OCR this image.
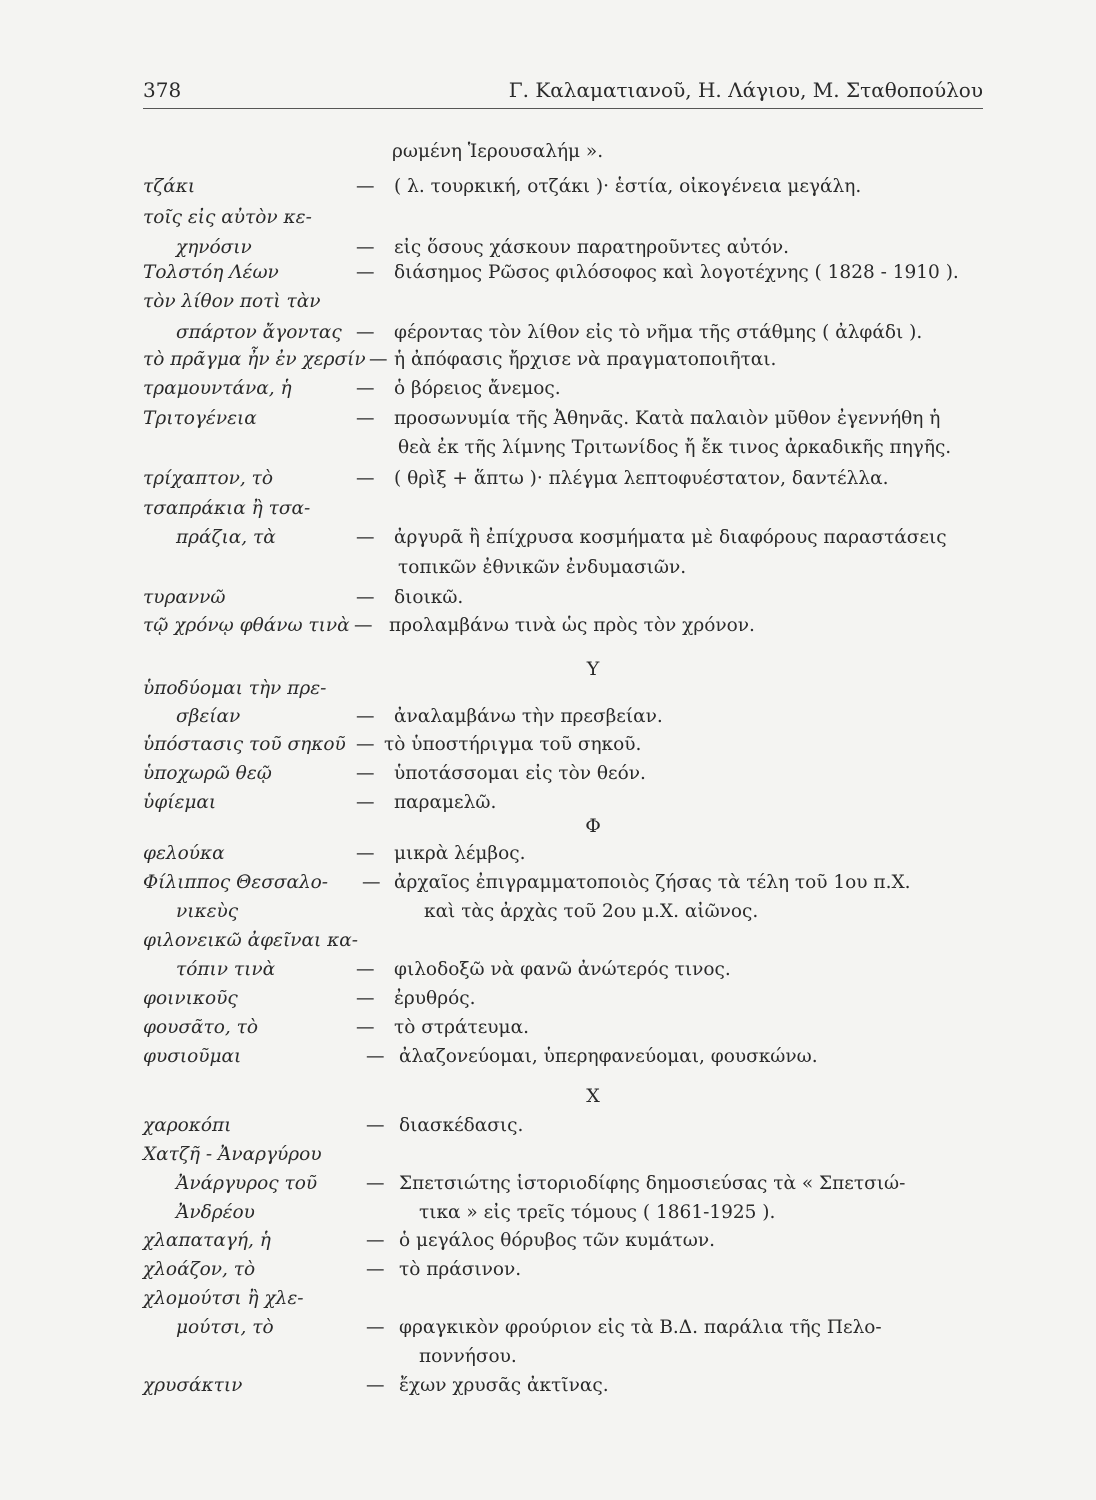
378	Γ. Καλαματιανοῦ, Η. Λάγιου, Μ. Σταθοπούλου
ρωμένη Ἱερουσαλήμ ».
τζάκι	— ( λ. τουρκική, οτζάκι )· ἑστία, οἰκογένεια μεγάλη.
τοῖς εἰς αὐτὸν κε-
χηνόσιν	— εἰς ὅσους χάσκουν παρατηροῦντες αὐτόν.
Τολστόη Λέων	— διάσημος Ρῶσος φιλόσοφος καὶ λογοτέχνης ( 1828 - 1910 ).
τὸν λίθον ποτὶ τὰν
σπάρτον ἄγοντας — φέροντας τὸν λίθον εἰς τὸ νῆμα τῆς στάθμης ( ἀλφάδι ).
τὸ πρᾶγμα ἦν ἐν χερσίν — ἡ ἀπόφασις ἤρχισε νὰ πραγματοποιῆται.
τραμουντάνα, ἡ	— ὁ βόρειος ἄνεμος.
Τριτογένεια	— προσωνυμία τῆς Ἀθηνᾶς. Κατὰ παλαιὸν μῦθον ἐγεννήθη ἡ
θεὰ ἐκ τῆς λίμνης Τριτωνίδος ἤ ἔκ τινος ἀρκαδικῆς πηγῆς.
τρίχαπτον, τὸ	— ( θρὶξ + ἅπτω )· πλέγμα λεπτοφυέστατον, δαντέλλα.
τσαπράκια ἢ τσα-
πράζια, τὰ	— ἀργυρᾶ ἢ ἐπίχρυσα κοσμήματα μὲ διαφόρους παραστάσεις
τοπικῶν ἐθνικῶν ἐνδυμασιῶν.
τυραννῶ	— διοικῶ.
τῷ χρόνῳ φθάνω τινὰ — προλαμβάνω τινὰ ὡς πρὸς τὸν χρόνον.
Υ
ὑποδύομαι τὴν πρε-
σβείαν	— ἀναλαμβάνω τὴν πρεσβείαν.
ὑπόστασις τοῦ σηκοῦ — τὸ ὑποστήριγμα τοῦ σηκοῦ.
ὑποχωρῶ θεῷ	— ὑποτάσσομαι εἰς τὸν θεόν.
ὑφίεμαι	— παραμελῶ.
Φ
φελούκα	— μικρὰ λέμβος.
Φίλιππος Θεσσαλο- — ἀρχαῖος ἐπιγραμματοποιὸς ζήσας τὰ τέλη τοῦ 1ου π.Χ.
νικεὺς	καὶ τὰς ἀρχὰς τοῦ 2ου μ.Χ. αἰῶνος.
φιλονεικῶ ἀφεῖναι κα-
τόπιν τινὰ	— φιλοδοξῶ νὰ φανῶ ἀνώτερός τινος.
φοινικοῦς	— ἐρυθρός.
φουσᾶτο, τὸ	— τὸ στράτευμα.
φυσιοῦμαι	— ἀλαζονεύομαι, ὑπερηφανεύομαι, φουσκώνω.
Χ
χαροκόπι	— διασκέδασις.
Χατζῆ - Ἀναργύρου
Ἀνάργυρος τοῦ	— Σπετσιώτης ἱστοριοδίφης δημοσιεύσας τὰ « Σπετσιώ-
Ἀνδρέου	τικα » εἰς τρεῖς τόμους ( 1861-1925 ).
χλαπαταγή, ἡ	— ὁ μεγάλος θόρυβος τῶν κυμάτων.
χλοάζον, τὸ	— τὸ πράσινον.
χλομούτσι ἢ χλε-
μούτσι, τὸ	— φραγκικὸν φρούριον εἰς τὰ Β.Δ. παράλια τῆς Πελο-
ποννήσου.
χρυσάκτιν	— ἔχων χρυσᾶς ἀκτῖνας.
